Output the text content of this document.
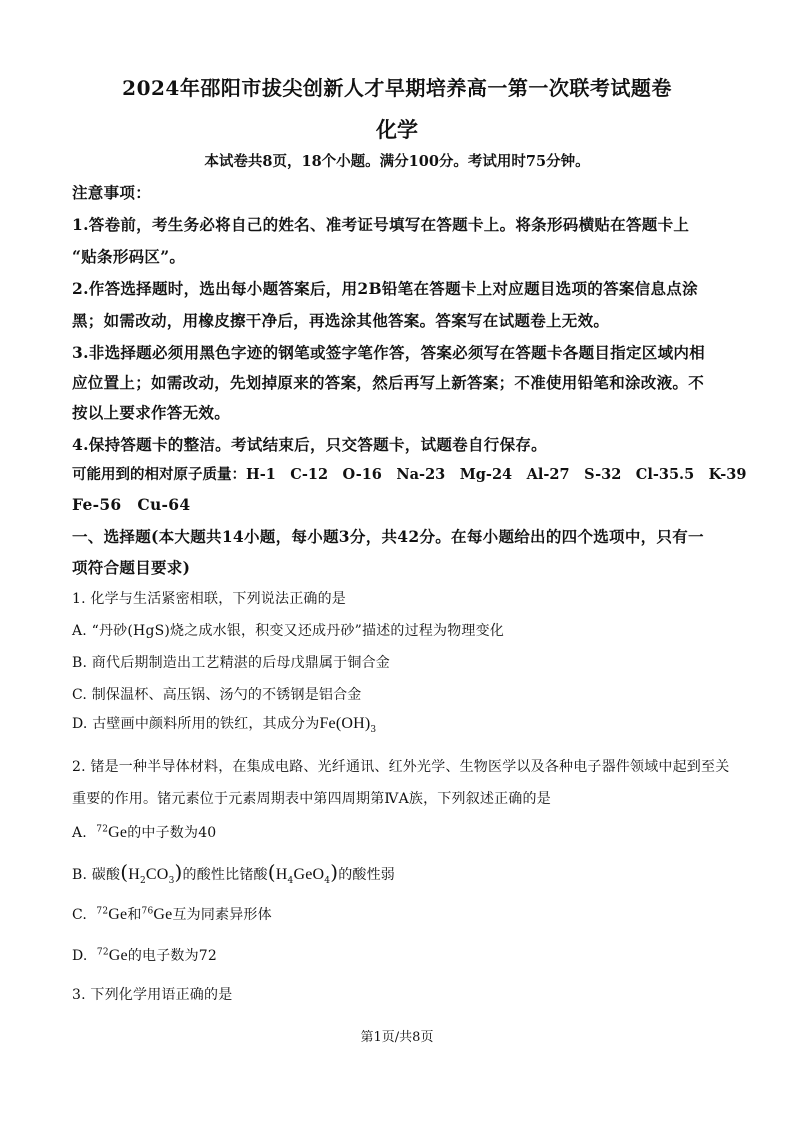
2024年邵阳市拔尖创新人才早期培养高一第一次联考试题卷
化学
本试卷共8页，18个小题。满分100分。考试用时75分钟。
注意事项：
1.答卷前，考生务必将自己的姓名、准考证号填写在答题卡上。将条形码横贴在答题卡上
“贴条形码区”。
2.作答选择题时，选出每小题答案后，用2B铅笔在答题卡上对应题目选项的答案信息点涂
黑；如需改动，用橡皮擦干净后，再选涂其他答案。答案写在试题卷上无效。
3.非选择题必须用黑色字迹的钢笔或签字笔作答，答案必须写在答题卡各题目指定区域内相
应位置上；如需改动，先划掉原来的答案，然后再写上新答案；不准使用铅笔和涂改液。不
按以上要求作答无效。
4.保持答题卡的整洁。考试结束后，只交答题卡，试题卷自行保存。
可能用到的相对原子质量：H-1　C-12　O-16　Na-23　Mg-24　Al-27　S-32　Cl-35.5　K-39
Fe-56　Cu-64
一、选择题(本大题共14小题，每小题3分，共42分。在每小题给出的四个选项中，只有一
项符合题目要求)
1. 化学与生活紧密相联，下列说法正确的是
A. “丹砂(HgS)烧之成水银，积变又还成丹砂”描述的过程为物理变化
B. 商代后期制造出工艺精湛的后母戊鼎属于铜合金
C. 制保温杯、高压锅、汤勺的不锈钢是铝合金
D. 古壁画中颜料所用的铁红，其成分为$Fe(OH)_3$
2. 锗是一种半导体材料，在集成电路、光纤通讯、红外光学、生物医学以及各种电子器件领域中起到至关
重要的作用。锗元素位于元素周期表中第四周期第ⅣA族，下列叙述正确的是
A. $^{72}$Ge的中子数为40
B. 碳酸$(H_2CO_3)$的酸性比锗酸$(H_4GeO_4)$的酸性弱
C. $^{72}$Ge和$^{76}$Ge互为同素异形体
D. $^{72}$Ge的电子数为72
3. 下列化学用语正确的是
第1页/共8页
